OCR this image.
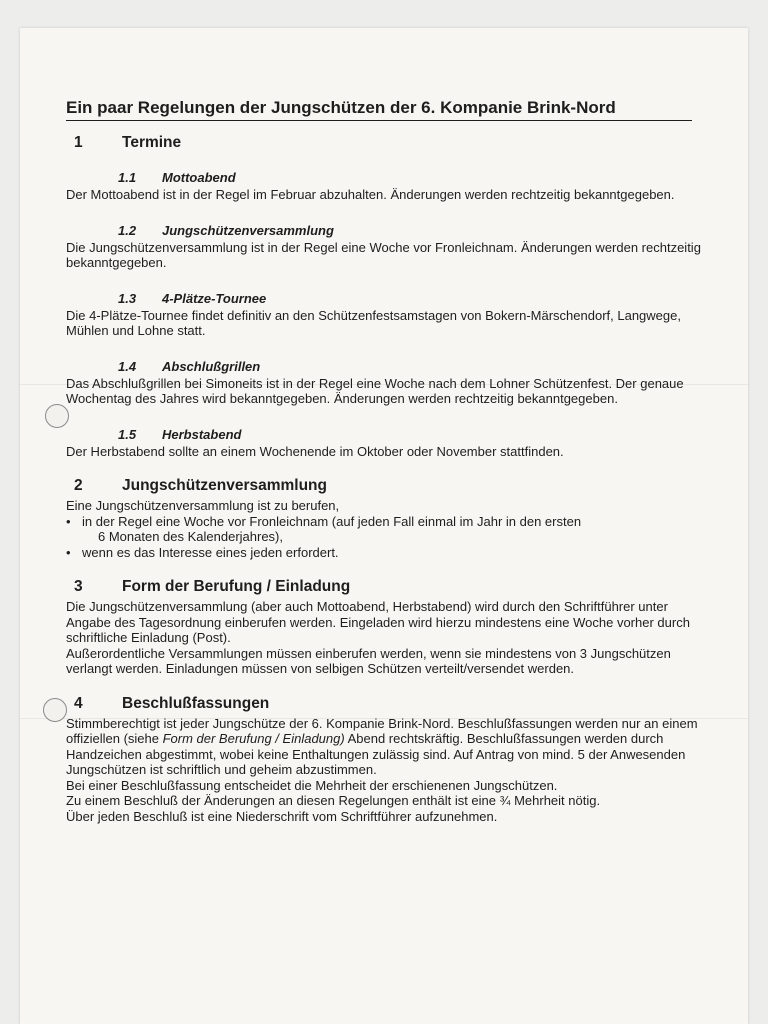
Ein paar Regelungen der Jungschützen der 6. Kompanie Brink-Nord
1	Termine
1.1	Mottoabend

Der Mottoabend ist in der Regel im Februar abzuhalten. Änderungen werden rechtzeitig bekanntgegeben.

1.2	Jungschützenversammlung

Die Jungschützenversammlung ist in der Regel eine Woche vor Fronleichnam. Änderungen werden rechtzeitig bekanntgegeben.

1.3	4-Plätze-Tournee

Die 4-Plätze-Tournee findet definitiv an den Schützenfestsamstagen von Bokern-Märschendorf, Langwege, Mühlen und Lohne statt.

1.4	Abschlußgrillen

Das Abschlußgrillen bei Simoneits ist in der Regel eine Woche nach dem Lohner Schützenfest. Der genaue Wochentag des Jahres wird bekanntgegeben. Änderungen werden rechtzeitig bekanntgegeben.

1.5	Herbstabend

Der Herbstabend sollte an einem Wochenende im Oktober oder November stattfinden.

2	Jungschützenversammlung

Eine Jungschützenversammlung ist zu berufen,

• in der Regel eine Woche vor Fronleichnam (auf jeden Fall einmal im Jahr in den ersten
6 Monaten des Kalenderjahres),
• wenn es das Interesse eines jeden erfordert.
3	Form der Berufung / Einladung

Die Jungschützenversammlung (aber auch Mottoabend, Herbstabend) wird durch den Schriftführer unter Angabe des Tagesordnung einberufen werden. Eingeladen wird hierzu mindestens eine Woche vorher durch schriftliche Einladung (Post).

Außerordentliche Versammlungen müssen einberufen werden, wenn sie mindestens von 3 Jungschützen verlangt werden. Einladungen müssen von selbigen Schützen verteilt/versendet werden.

4	Beschlußfassungen

Stimmberechtigt ist jeder Jungschütze der 6. Kompanie Brink-Nord. Beschlußfassungen werden nur an einem offiziellen (siehe Form der Berufung / Einladung) Abend rechtskräftig. Beschlußfassungen werden durch Handzeichen abgestimmt, wobei keine Enthaltungen zulässig sind. Auf Antrag von mind. 5 der Anwesenden Jungschützen ist schriftlich und geheim abzustimmen.

Bei einer Beschlußfassung entscheidet die Mehrheit der erschienenen Jungschützen.

Zu einem Beschluß der Änderungen an diesen Regelungen enthält ist eine ¾ Mehrheit nötig.

Über jeden Beschluß ist eine Niederschrift vom Schriftführer aufzunehmen.
